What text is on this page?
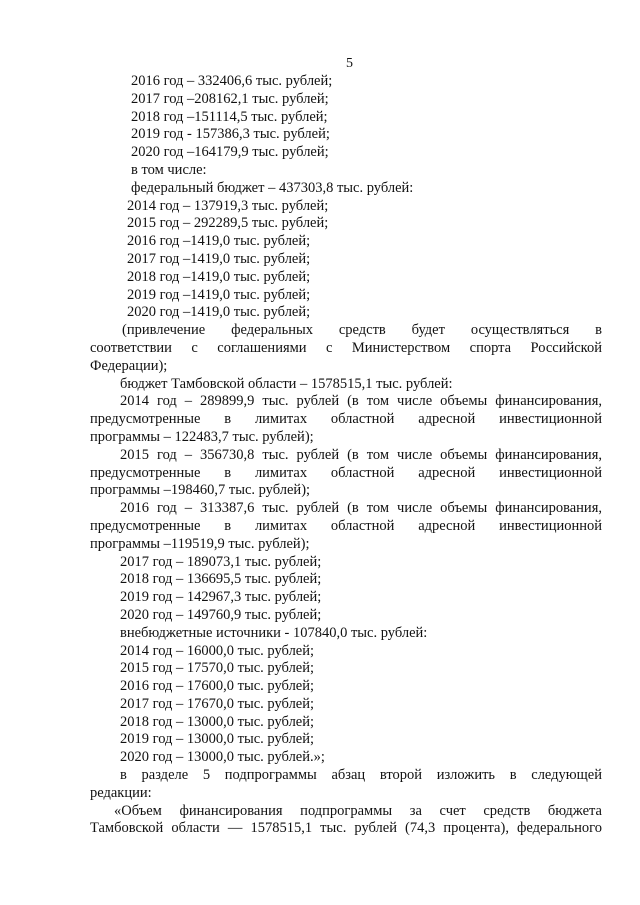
5
2016 год – 332406,6 тыс. рублей;
2017 год –208162,1 тыс. рублей;
2018 год –151114,5 тыс. рублей;
2019 год - 157386,3 тыс. рублей;
2020 год –164179,9 тыс. рублей;
в том числе:
федеральный бюджет – 437303,8 тыс. рублей:
2014 год – 137919,3 тыс. рублей;
2015 год – 292289,5 тыс. рублей;
2016 год –1419,0 тыс. рублей;
2017 год –1419,0 тыс. рублей;
2018 год –1419,0 тыс. рублей;
2019 год –1419,0 тыс. рублей;
2020 год –1419,0 тыс. рублей;
(привлечение федеральных средств будет осуществляться в
соответствии с соглашениями с Министерством спорта Российской
Федерации);
бюджет Тамбовской области – 1578515,1 тыс. рублей:
2014 год – 289899,9 тыс. рублей (в том числе объемы финансирования,
предусмотренные в лимитах областной адресной инвестиционной
программы – 122483,7 тыс. рублей);
2015 год – 356730,8 тыс. рублей (в том числе объемы финансирования,
предусмотренные в лимитах областной адресной инвестиционной
программы –198460,7 тыс. рублей);
2016 год – 313387,6 тыс. рублей (в том числе объемы финансирования,
предусмотренные в лимитах областной адресной инвестиционной
программы –119519,9 тыс. рублей);
2017 год – 189073,1 тыс. рублей;
2018 год – 136695,5 тыс. рублей;
2019 год – 142967,3 тыс. рублей;
2020 год – 149760,9 тыс. рублей;
внебюджетные источники - 107840,0 тыс. рублей:
2014 год – 16000,0 тыс. рублей;
2015 год – 17570,0 тыс. рублей;
2016 год – 17600,0 тыс. рублей;
2017 год – 17670,0 тыс. рублей;
2018 год – 13000,0 тыс. рублей;
2019 год – 13000,0 тыс. рублей;
2020 год – 13000,0 тыс. рублей.»;
в разделе 5 подпрограммы абзац второй изложить в следующей
редакции:
«Объем финансирования подпрограммы за счет средств бюджета
Тамбовской области — 1578515,1 тыс. рублей (74,3 процента), федерального
